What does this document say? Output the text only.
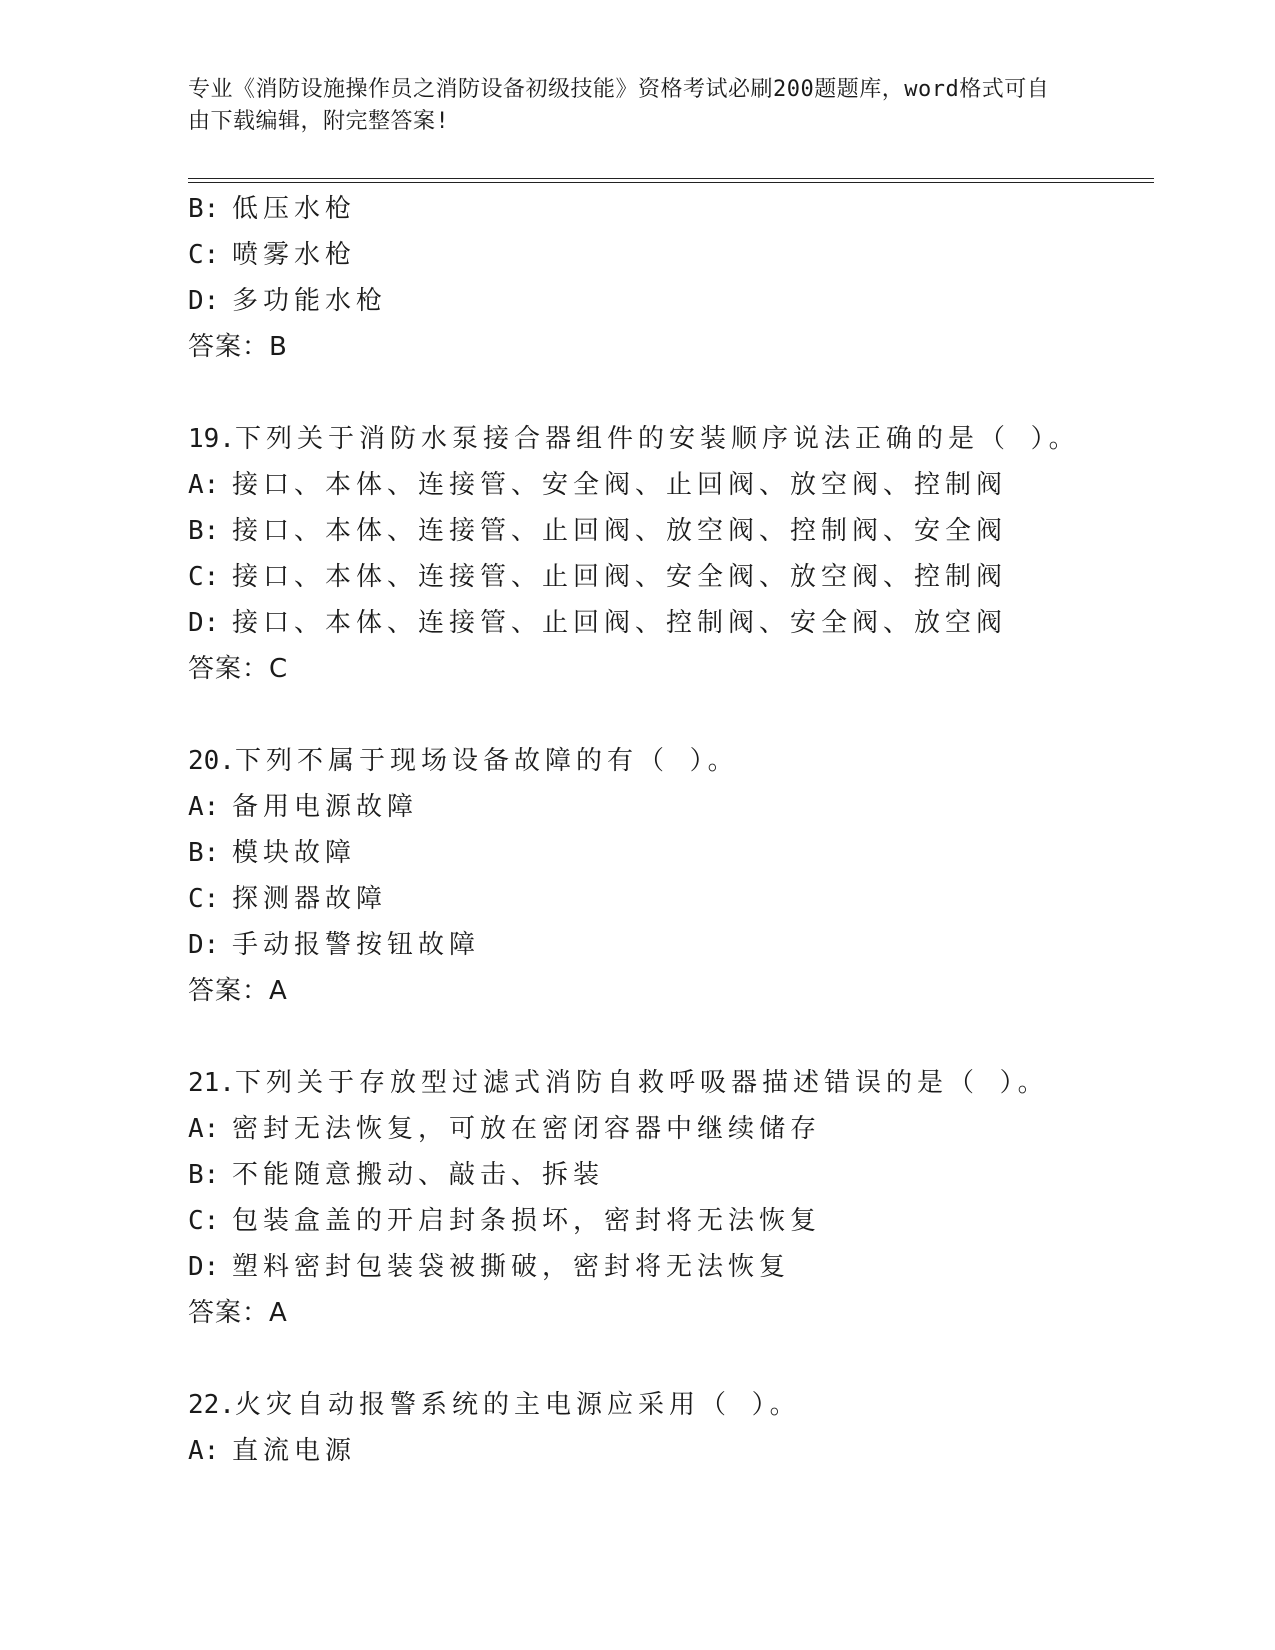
专业《消防设施操作员之消防设备初级技能》资格考试必刷200题题库，word格式可自由下载编辑，附完整答案!
B: 低压水枪
C: 喷雾水枪
D: 多功能水枪
答案：B
19.下列关于消防水泵接合器组件的安装顺序说法正确的是（ ）。
A: 接口、本体、连接管、安全阀、止回阀、放空阀、控制阀
B: 接口、本体、连接管、止回阀、放空阀、控制阀、安全阀
C: 接口、本体、连接管、止回阀、安全阀、放空阀、控制阀
D: 接口、本体、连接管、止回阀、控制阀、安全阀、放空阀
答案：C
20.下列不属于现场设备故障的有（ ）。
A: 备用电源故障
B: 模块故障
C: 探测器故障
D: 手动报警按钮故障
答案：A
21.下列关于存放型过滤式消防自救呼吸器描述错误的是（ ）。
A: 密封无法恢复，可放在密闭容器中继续储存
B: 不能随意搬动、敲击、拆装
C: 包装盒盖的开启封条损坏，密封将无法恢复
D: 塑料密封包装袋被撕破，密封将无法恢复
答案：A
22.火灾自动报警系统的主电源应采用（ ）。
A: 直流电源
